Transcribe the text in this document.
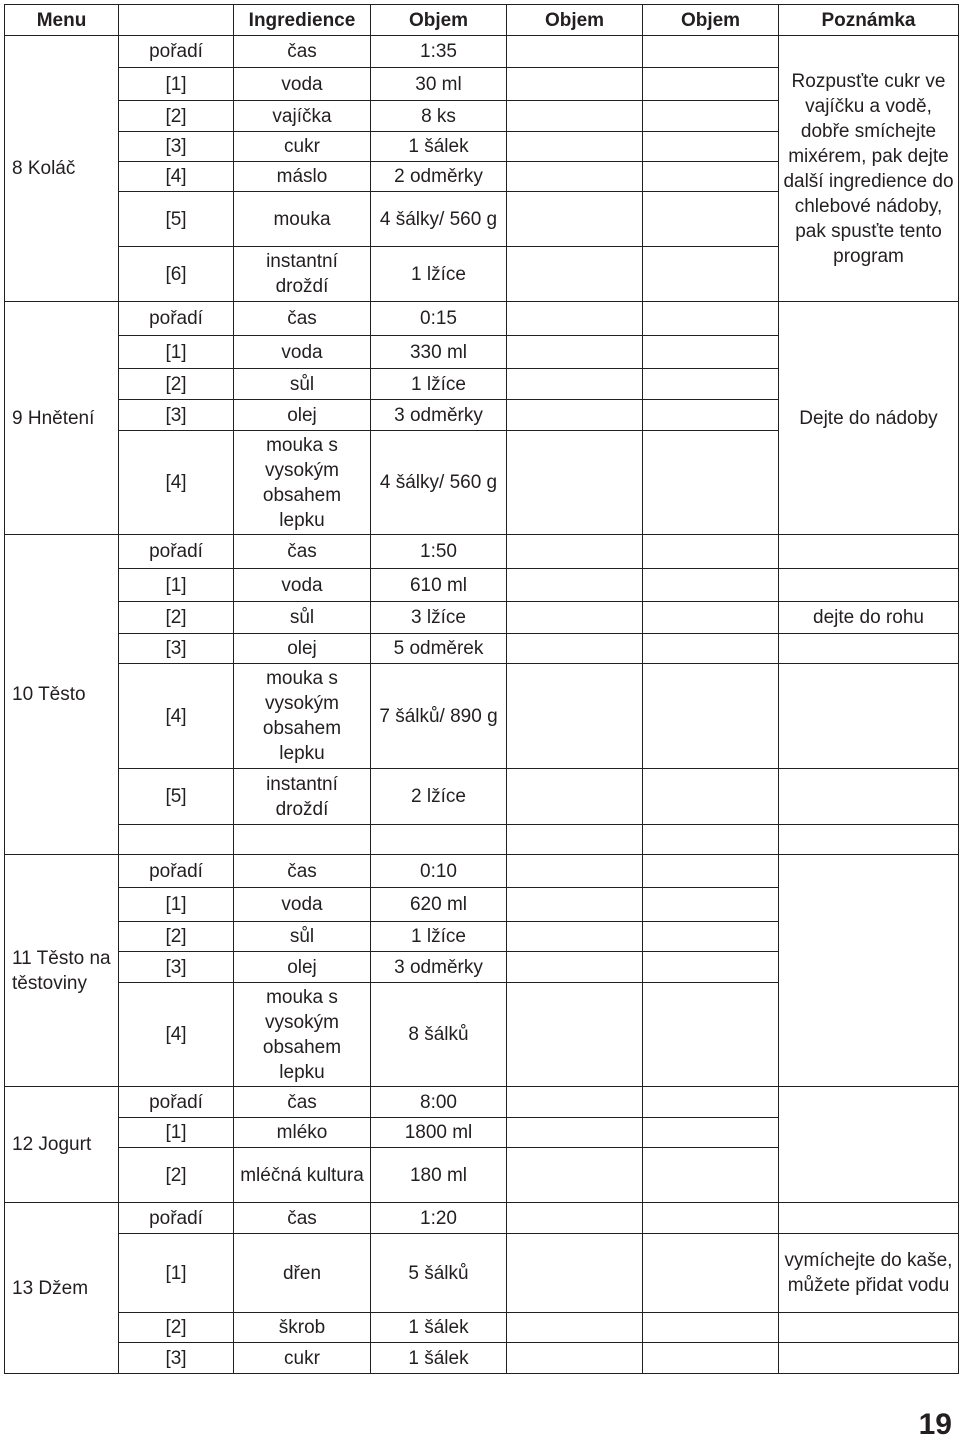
Menu		Ingredience	Objem	Objem	Objem	Poznámka
8 Koláč	pořadí	čas	1:35			Rozpusťte cukr ve vajíčku a vodě, dobře smíchejte mixérem, pak dejte další ingredience do chlebové nádoby, pak spusťte tento program
	[1]	voda	30 ml			
	[2]	vajíčka	8 ks			
	[3]	cukr	1 šálek			
	[4]	máslo	2 odměrky			
	[5]	mouka	4 šálky/ 560 g			
	[6]	instantní droždí	1 lžíce			
9 Hnětení	pořadí	čas	0:15			Dejte do nádoby
	[1]	voda	330 ml			
	[2]	sůl	1 lžíce			
	[3]	olej	3 odměrky			
	[4]	mouka s vysokým obsahem lepku	4 šálky/ 560 g			
10 Těsto	pořadí	čas	1:50			
	[1]	voda	610 ml			
	[2]	sůl	3 lžíce			dejte do rohu
	[3]	olej	5 odměrek			
	[4]	mouka s vysokým obsahem lepku	7 šálků/ 890 g			
	[5]	instantní droždí	2 lžíce			

11 Těsto na těstoviny	pořadí	čas	0:10			
	[1]	voda	620 ml			
	[2]	sůl	1 lžíce			
	[3]	olej	3 odměrky			
	[4]	mouka s vysokým obsahem lepku	8 šálků			
12 Jogurt	pořadí	čas	8:00			
	[1]	mléko	1800 ml			
	[2]	mléčná kultura	180 ml			
13 Džem	pořadí	čas	1:20			
	[1]	dřen	5 šálků			vymíchejte do kaše, můžete přidat vodu
	[2]	škrob	1 šálek			
	[3]	cukr	1 šálek			
19
